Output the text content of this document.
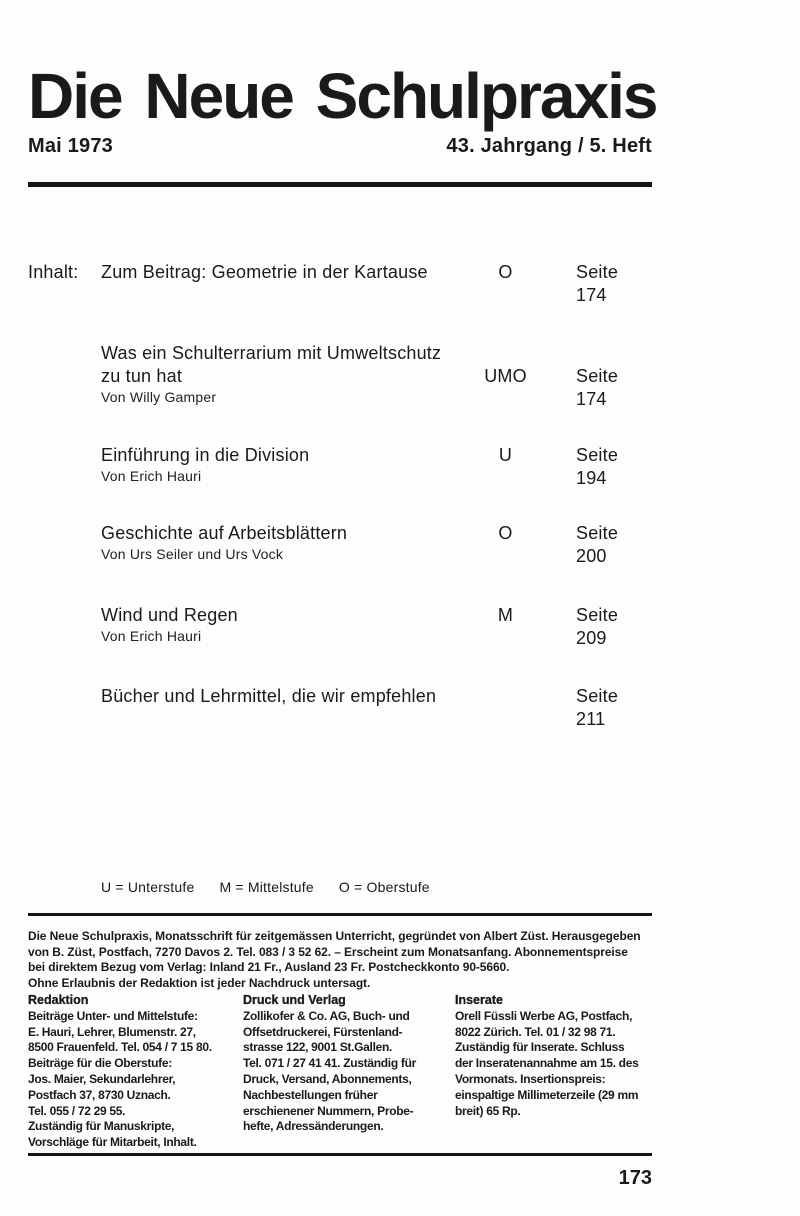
Die Neue Schulpraxis
Mai 1973	43. Jahrgang / 5. Heft
Inhalt:	Zum Beitrag: Geometrie in der Kartause	O	Seite 174
Was ein Schulterrarium mit Umweltschutz
zu tun hat
Von Willy Gamper
UMO	Seite 174
Einführung in die Division
Von Erich Hauri
U	Seite 194
Geschichte auf Arbeitsblättern
Von Urs Seiler und Urs Vock
O	Seite 200
Wind und Regen
Von Erich Hauri
M	Seite 209
Bücher und Lehrmittel, die wir empfehlen	Seite 211
U = Unterstufe M = Mittelstufe O = Oberstufe
Die Neue Schulpraxis, Monatsschrift für zeitgemässen Unterricht, gegründet von Albert Züst. Herausgegeben
von B. Züst, Postfach, 7270 Davos 2. Tel. 083 / 3 52 62. – Erscheint zum Monatsanfang. Abonnementspreise
bei direktem Bezug vom Verlag: Inland 21 Fr., Ausland 23 Fr. Postcheckkonto 90-5660.
Ohne Erlaubnis der Redaktion ist jeder Nachdruck untersagt.
Redaktion
Beiträge Unter- und Mittelstufe:
E. Hauri, Lehrer, Blumenstr. 27,
8500 Frauenfeld. Tel. 054 / 7 15 80.
Beiträge für die Oberstufe:
Jos. Maier, Sekundarlehrer,
Postfach 37, 8730 Uznach.
Tel. 055 / 72 29 55.
Zuständig für Manuskripte,
Vorschläge für Mitarbeit, Inhalt.
Druck und Verlag
Zollikofer & Co. AG, Buch- und
Offsetdruckerei, Fürstenland-
strasse 122, 9001 St.Gallen.
Tel. 071 / 27 41 41. Zuständig für
Druck, Versand, Abonnements,
Nachbestellungen früher
erschienener Nummern, Probe-
hefte, Adressänderungen.
Inserate
Orell Füssli Werbe AG, Postfach,
8022 Zürich. Tel. 01 / 32 98 71.
Zuständig für Inserate. Schluss
der Inseratenannahme am 15. des
Vormonats. Insertionspreis:
einspaltige Millimeterzeile (29 mm
breit) 65 Rp.
173
